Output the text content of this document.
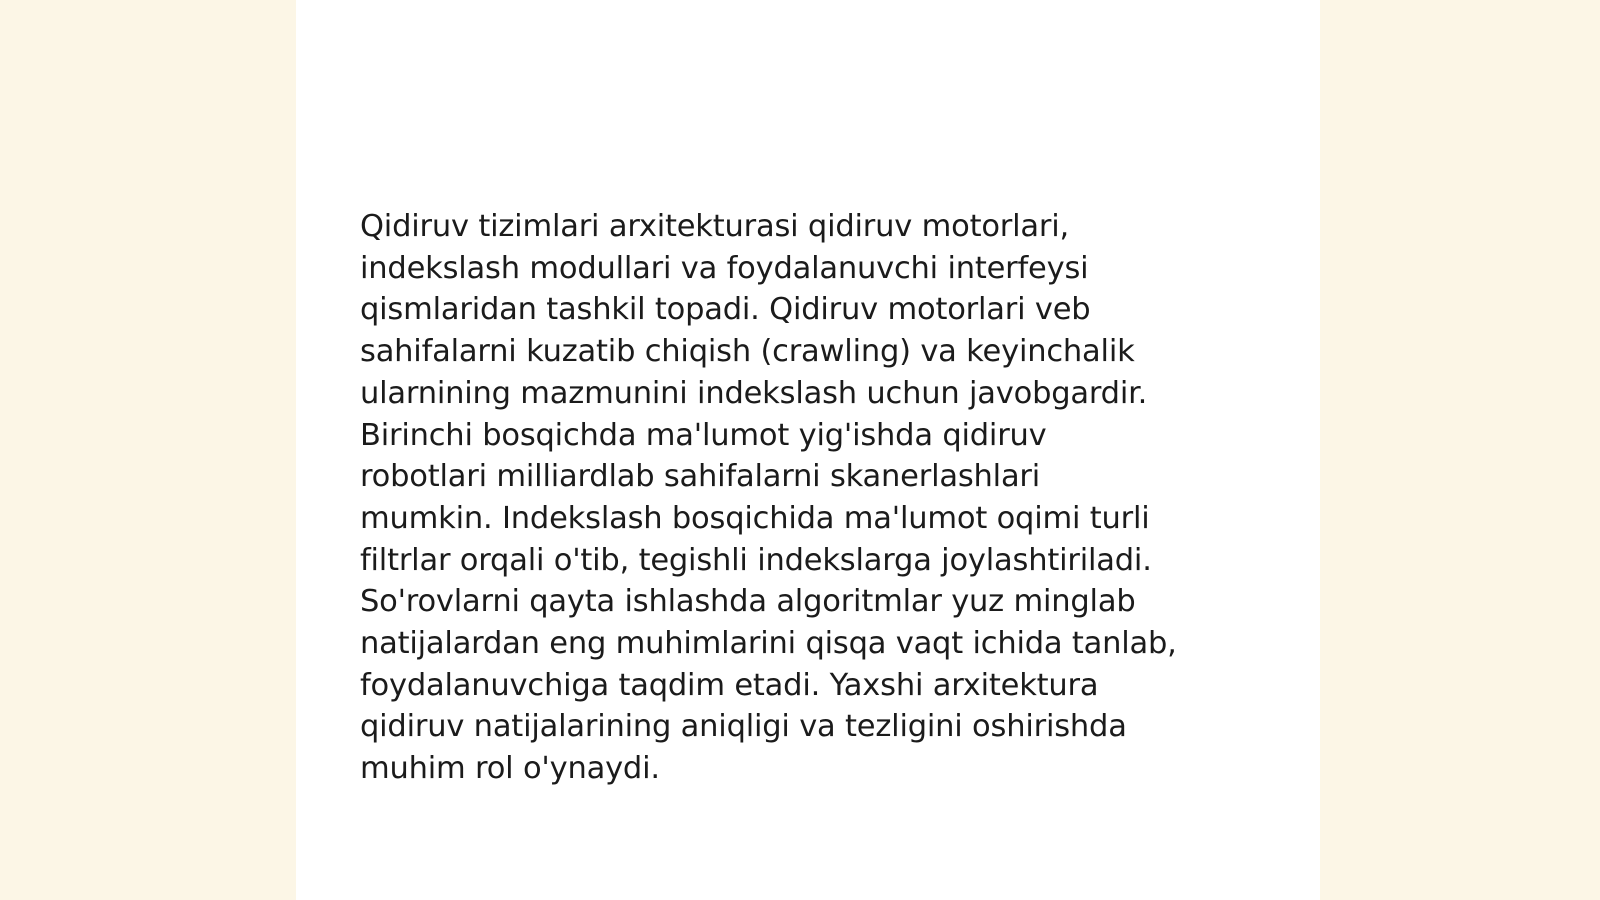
Qidiruv tizimlari arxitekturasi qidiruv motorlari,
indekslash modullari va foydalanuvchi interfeysi
qismlaridan tashkil topadi. Qidiruv motorlari veb
sahifalarni kuzatib chiqish (crawling) va keyinchalik
ularnining mazmunini indekslash uchun javobgardir.
Birinchi bosqichda ma'lumot yig'ishda qidiruv
robotlari milliardlab sahifalarni skanerlashlari
mumkin. Indekslash bosqichida ma'lumot oqimi turli
filtrlar orqali o'tib, tegishli indekslarga joylashtiriladi.
So'rovlarni qayta ishlashda algoritmlar yuz minglab
natijalardan eng muhimlarini qisqa vaqt ichida tanlab,
foydalanuvchiga taqdim etadi. Yaxshi arxitektura
qidiruv natijalarining aniqligi va tezligini oshirishda
muhim rol o'ynaydi.
